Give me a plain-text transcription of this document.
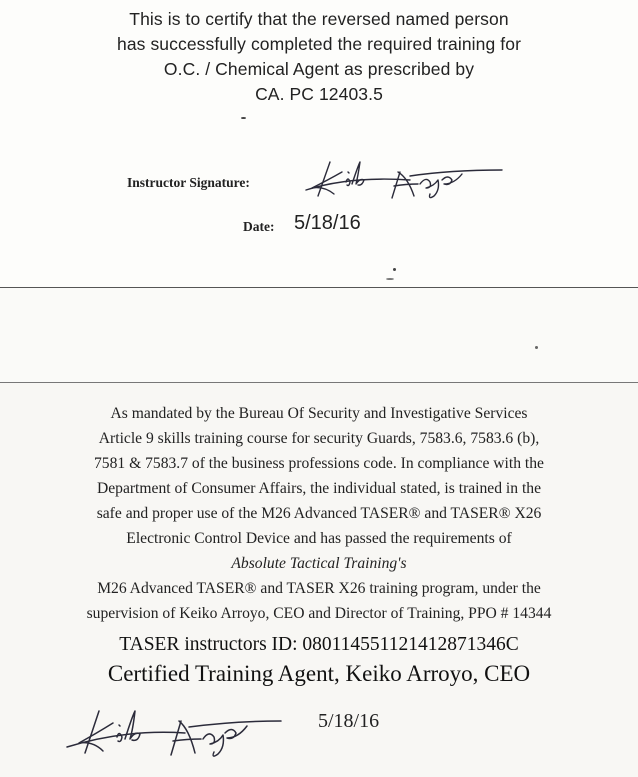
This is to certify that the reversed named person
has successfully completed the required training for
O.C. / Chemical Agent as prescribed by
CA. PC 12403.5
Instructor Signature:
Date: 5/18/16
As mandated by the Bureau Of Security and Investigative Services
Article 9 skills training course for security Guards, 7583.6, 7583.6 (b),
7581 & 7583.7 of the business professions code. In compliance with the
Department of Consumer Affairs, the individual stated, is trained in the
safe and proper use of the M26 Advanced TASER® and TASER® X26
Electronic Control Device and has passed the requirements of
Absolute Tactical Training's
M26 Advanced TASER® and TASER X26 training program, under the
supervision of Keiko Arroyo, CEO and Director of Training, PPO # 14344
TASER instructors ID: 080114551121412871346C
Certified Training Agent, Keiko Arroyo, CEO
5/18/16
